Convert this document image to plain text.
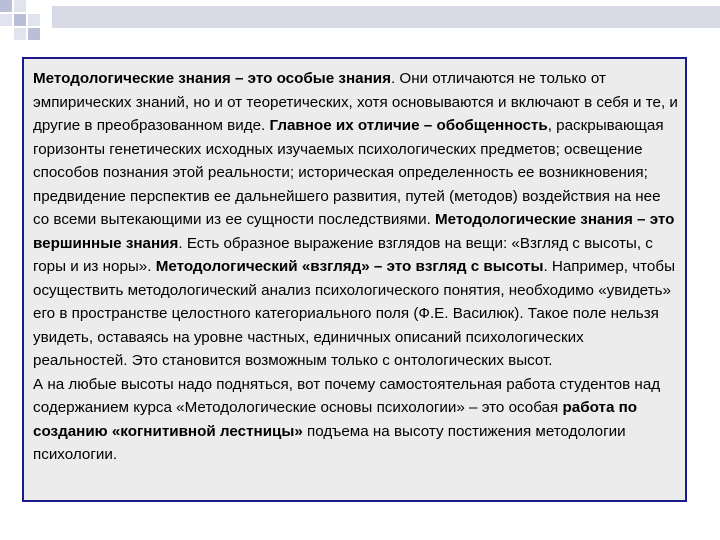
Методологические знания – это особые знания. Они отличаются не только от эмпирических знаний, но и от теоретических, хотя основываются и включают в себя и те, и другие в преобразованном виде. Главное их отличие – обобщенность, раскрывающая горизонты генетических исходных изучаемых психологических предметов; освещение способов познания этой реальности; историческая определенность ее возникновения; предвидение перспектив ее дальнейшего развития, путей (методов) воздействия на нее со всеми вытекающими из ее сущности последствиями. Методологические знания – это вершинные знания. Есть образное выражение взглядов на вещи: «Взгляд с высоты, с горы и из норы». Методологический «взгляд» – это взгляд с высоты. Например, чтобы осуществить методологический анализ психологического понятия, необходимо «увидеть» его в пространстве целостного категориального поля (Ф.Е. Василюк). Такое поле нельзя увидеть, оставаясь на уровне частных, единичных описаний психологических реальностей. Это становится возможным только с онтологических высот.

А на любые высоты надо подняться, вот почему самостоятельная работа студентов над содержанием курса «Методологические основы психологии» – это особая работа по созданию «когнитивной лестницы» подъема на высоту постижения методологии психологии.
